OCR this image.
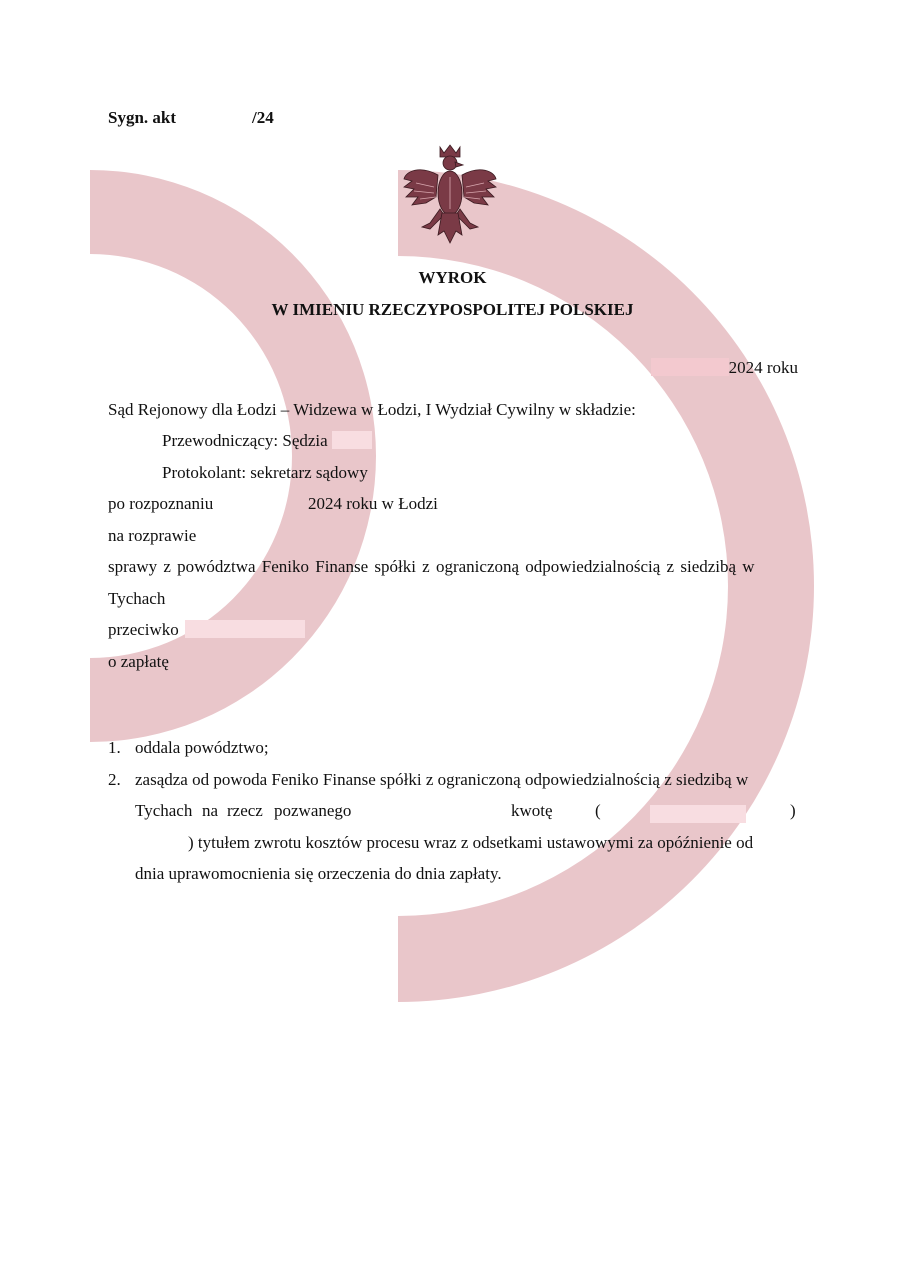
Sygn. akt	/24
WYROK
W IMIENIU RZECZYPOSPOLITEJ POLSKIEJ
2024 roku
Sąd Rejonowy dla Łodzi – Widzewa w Łodzi, I Wydział Cywilny w składzie:
Przewodniczący: Sędzia
Protokolant: sekretarz sądowy
po rozpoznaniu	2024 roku w Łodzi
na rozprawie
sprawy z powództwa Feniko Finanse spółki z ograniczoną odpowiedzialnością z siedzibą w
Tychach
przeciwko
o zapłatę
1. oddala powództwo;
2. zasądza od powoda Feniko Finanse spółki z ograniczoną odpowiedzialnością z siedzibą w
Tychach na rzecz pozwanego	kwotę (	)
) tytułem zwrotu kosztów procesu wraz z odsetkami ustawowymi za opóźnienie od
dnia uprawomocnienia się orzeczenia do dnia zapłaty.
